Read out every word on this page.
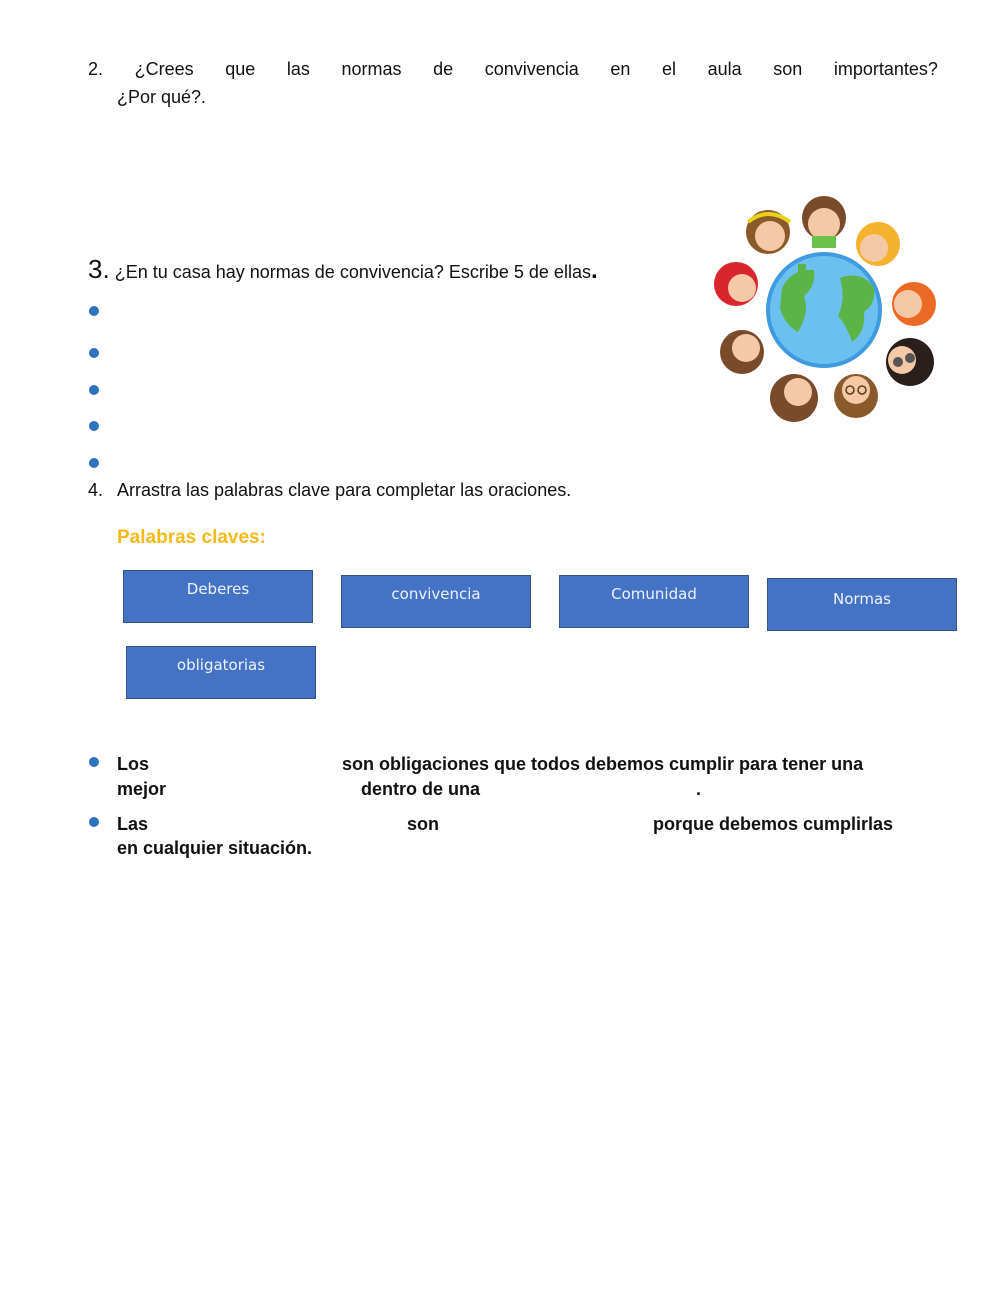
2. ¿Crees que las normas de convivencia en el aula son importantes?
¿Por qué?.
3. ¿En tu casa hay normas de convivencia? Escribe 5 de ellas.
4. Arrastra las palabras clave para completar las oraciones.
Palabras claves:
Deberes	convivencia	Comunidad	Normas
obligatorias
Los	son obligaciones que todos debemos cumplir para tener una
mejor	dentro de una	.
Las	son	porque debemos cumplirlas
en cualquier situación.
